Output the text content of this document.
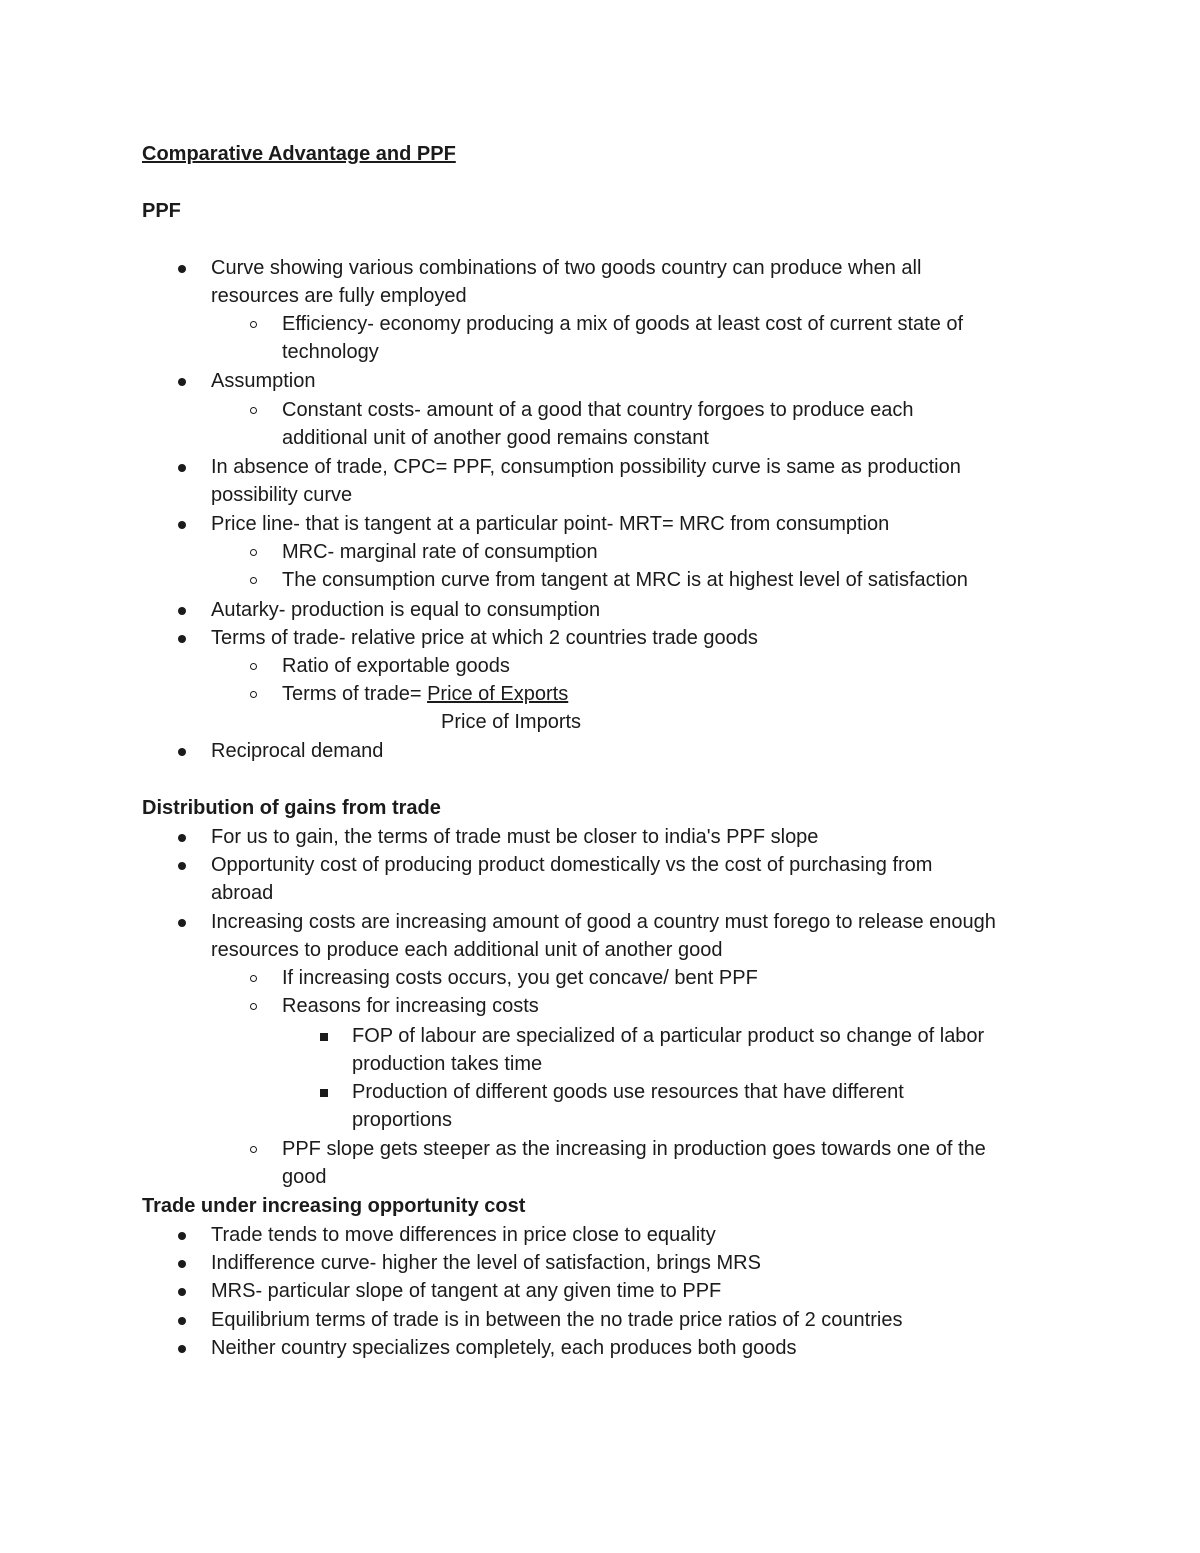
Comparative Advantage and PPF
PPF
Curve showing various combinations of two goods country can produce when all
resources are fully employed
Efficiency- economy producing a mix of goods at least cost of current state of
technology
Assumption
Constant costs- amount of a good that country forgoes to produce each
additional unit of another good remains constant
In absence of trade, CPC= PPF, consumption possibility curve is same as production
possibility curve
Price line- that is tangent at a particular point- MRT= MRC from consumption
MRC- marginal rate of consumption
The consumption curve from tangent at MRC is at highest level of satisfaction
Autarky- production is equal to consumption
Terms of trade- relative price at which 2 countries trade goods
Ratio of exportable goods
Terms of trade= Price of Exports
Price of Imports
Reciprocal demand
Distribution of gains from trade
For us to gain, the terms of trade must be closer to india's PPF slope
Opportunity cost of producing product domestically vs the cost of purchasing from
abroad
Increasing costs are increasing amount of good a country must forego to release enough
resources to produce each additional unit of another good
If increasing costs occurs, you get concave/ bent PPF
Reasons for increasing costs
FOP of labour are specialized of a particular product so change of labor
production takes time
Production of different goods use resources that have different
proportions
PPF slope gets steeper as the increasing in production goes towards one of the
good
Trade under increasing opportunity cost
Trade tends to move differences in price close to equality
Indifference curve- higher the level of satisfaction, brings MRS
MRS- particular slope of tangent at any given time to PPF
Equilibrium terms of trade is in between the no trade price ratios of 2 countries
Neither country specializes completely, each produces both goods
